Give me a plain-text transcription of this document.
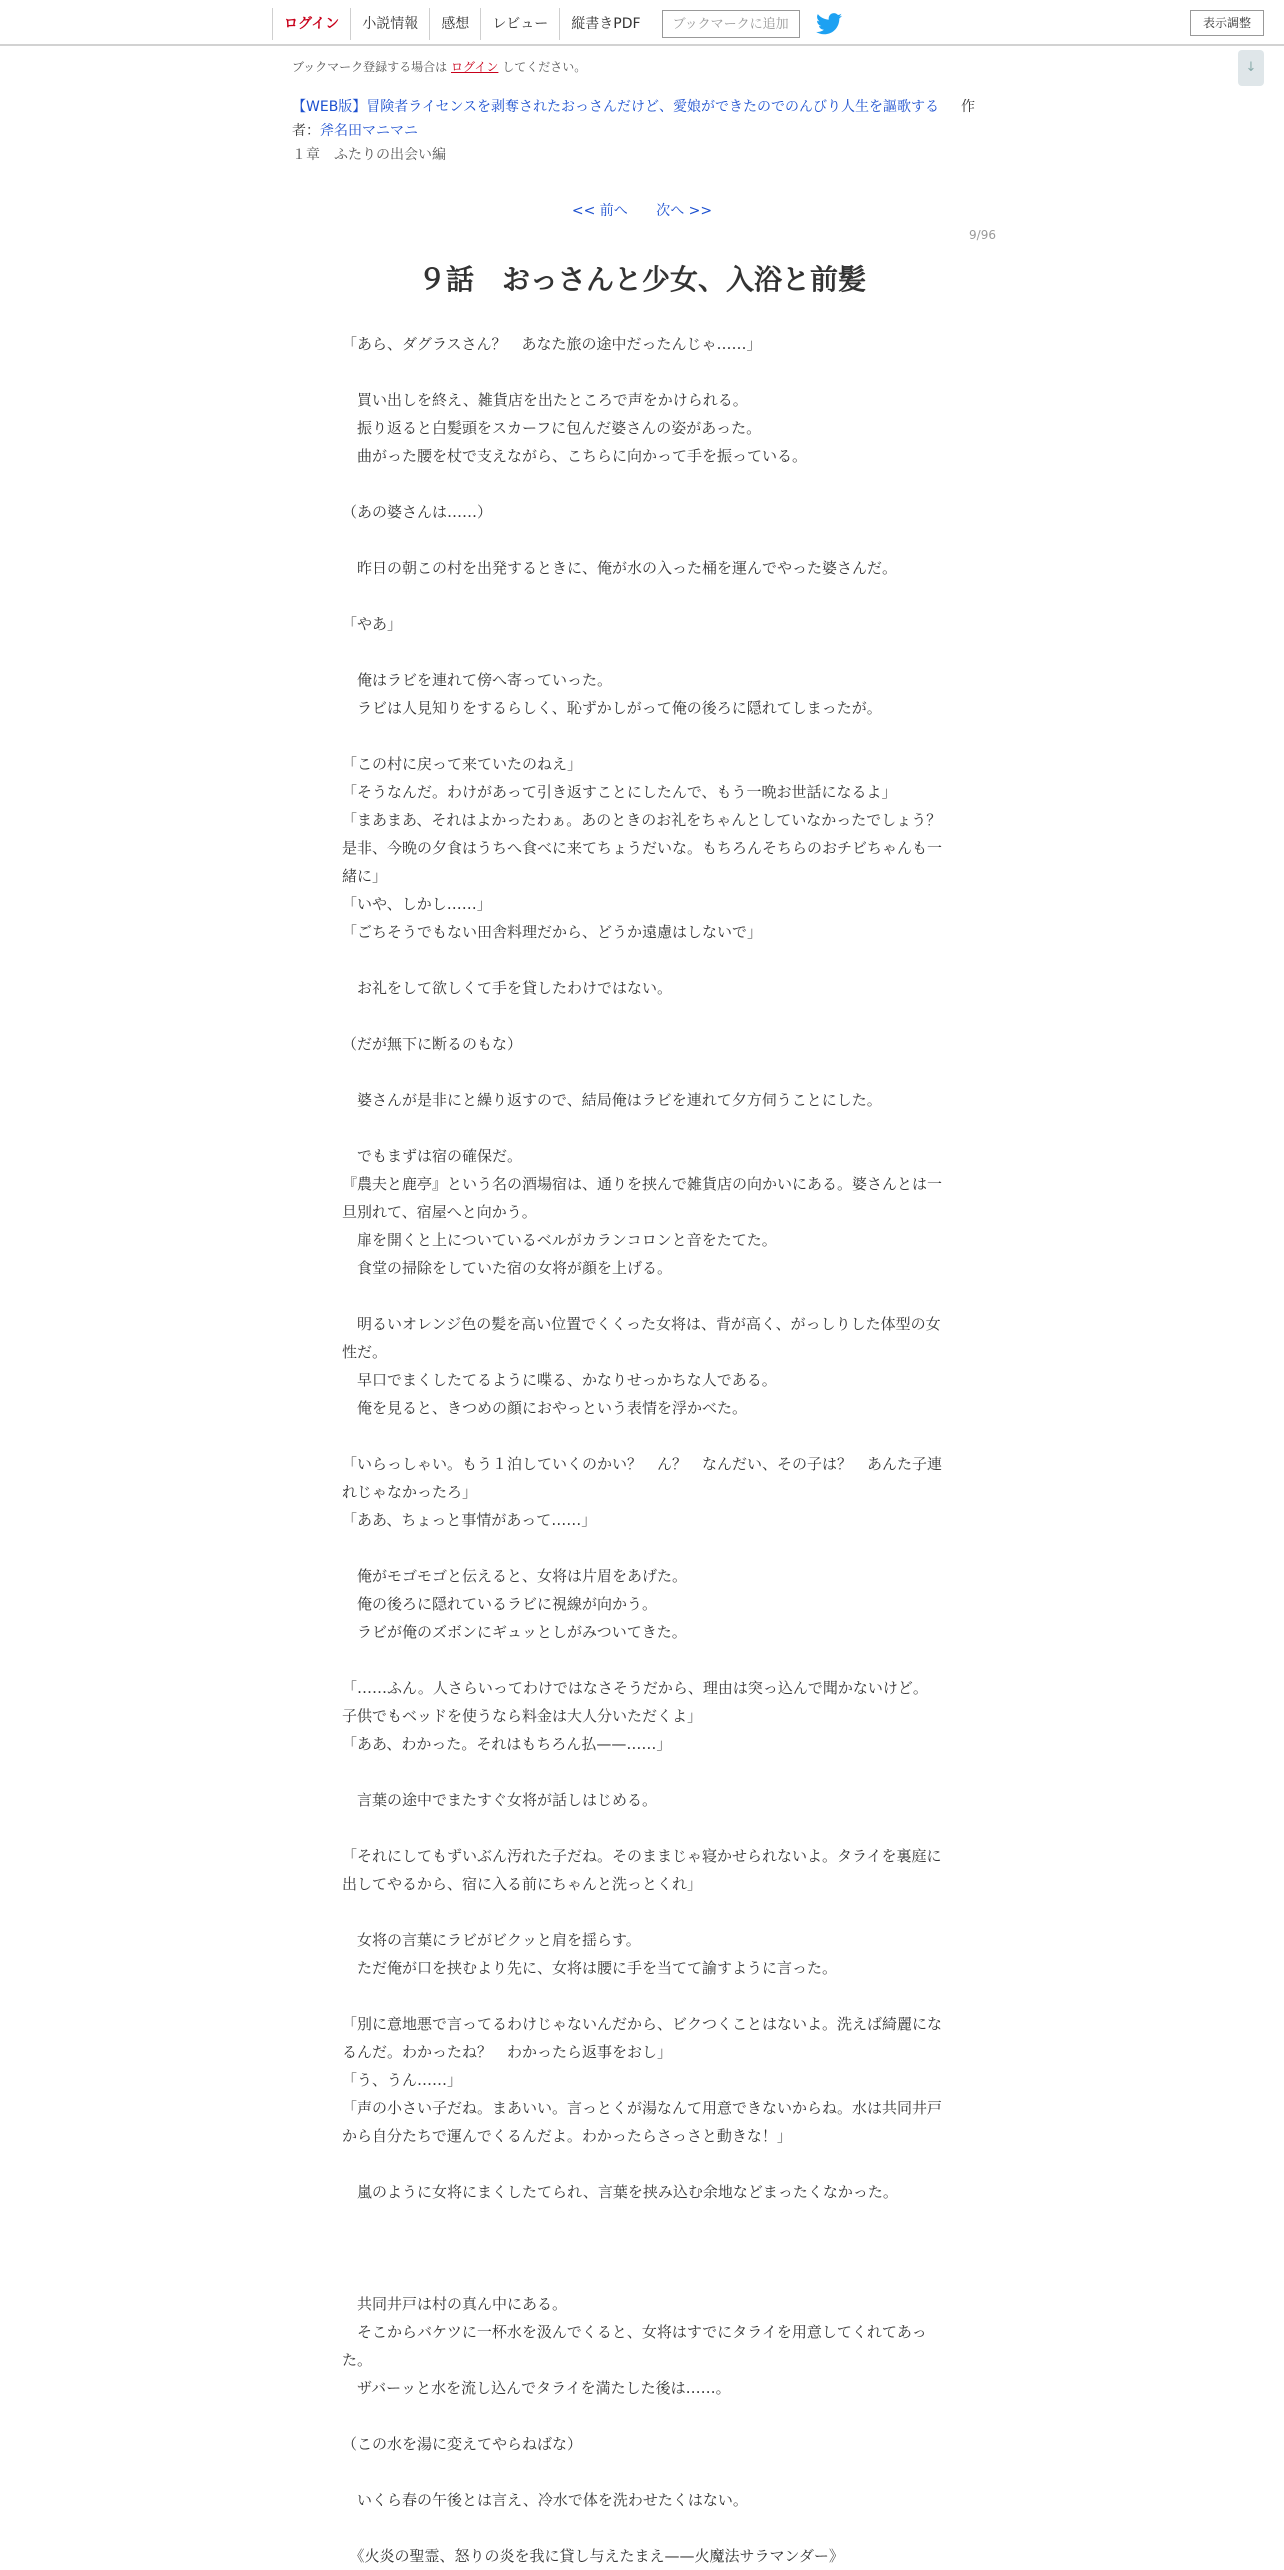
ログイン	小説情報	感想	レビュー	縦書きPDF	ブックマークに追加	表示調整
↓
ブックマーク登録する場合は ログイン してください。
【WEB版】冒険者ライセンスを剥奪されたおっさんだけど、愛娘ができたのでのんびり人生を謳歌する 作
者：斧名田マニマニ
１章　ふたりの出会い編
<< 前へ 次へ >>
9/96
９話　おっさんと少女、入浴と前髪
「あら、ダグラスさん？　あなた旅の途中だったんじゃ……」
　買い出しを終え、雑貨店を出たところで声をかけられる。
　振り返ると白髪頭をスカーフに包んだ婆さんの姿があった。
　曲がった腰を杖で支えながら、こちらに向かって手を振っている。
（あの婆さんは……）
　昨日の朝この村を出発するときに、俺が水の入った桶を運んでやった婆さんだ。
「やあ」
　俺はラビを連れて傍へ寄っていった。
　ラビは人見知りをするらしく、恥ずかしがって俺の後ろに隠れてしまったが。
「この村に戻って来ていたのねえ」
「そうなんだ。わけがあって引き返すことにしたんで、もう一晩お世話になるよ」
「まあまあ、それはよかったわぁ。あのときのお礼をちゃんとしていなかったでしょう？　是非、今晩の夕食はうちへ食べに来てちょうだいな。もちろんそちらのおチビちゃんも一緒に」
「いや、しかし……」
「ごちそうでもない田舎料理だから、どうか遠慮はしないで」
　お礼をして欲しくて手を貸したわけではない。
（だが無下に断るのもな）
　婆さんが是非にと繰り返すので、結局俺はラビを連れて夕方伺うことにした。
　でもまずは宿の確保だ。
『農夫と鹿亭』という名の酒場宿は、通りを挟んで雑貨店の向かいにある。婆さんとは一旦別れて、宿屋へと向かう。
　扉を開くと上についているベルがカランコロンと音をたてた。
　食堂の掃除をしていた宿の女将が顔を上げる。
　明るいオレンジ色の髪を高い位置でくくった女将は、背が高く、がっしりした体型の女性だ。
　早口でまくしたてるように喋る、かなりせっかちな人である。
　俺を見ると、きつめの顔におやっという表情を浮かべた。
「いらっしゃい。もう１泊していくのかい？　ん？　なんだい、その子は？　あんた子連れじゃなかったろ」
「ああ、ちょっと事情があって……」
　俺がモゴモゴと伝えると、女将は片眉をあげた。
　俺の後ろに隠れているラビに視線が向かう。
　ラビが俺のズボンにギュッとしがみついてきた。
「……ふん。人さらいってわけではなさそうだから、理由は突っ込んで聞かないけど。子供でもベッドを使うなら料金は大人分いただくよ」
「ああ、わかった。それはもちろん払——……」
　言葉の途中でまたすぐ女将が話しはじめる。
「それにしてもずいぶん汚れた子だね。そのままじゃ寝かせられないよ。タライを裏庭に出してやるから、宿に入る前にちゃんと洗っとくれ」
　女将の言葉にラビがビクッと肩を揺らす。
　ただ俺が口を挟むより先に、女将は腰に手を当てて諭すように言った。
「別に意地悪で言ってるわけじゃないんだから、ビクつくことはないよ。洗えば綺麗になるんだ。わかったね？　わかったら返事をおし」
「う、うん……」
「声の小さい子だね。まあいい。言っとくが湯なんて用意できないからね。水は共同井戸から自分たちで運んでくるんだよ。わかったらさっさと動きな！」
　嵐のように女将にまくしたてられ、言葉を挟み込む余地などまったくなかった。
　共同井戸は村の真ん中にある。
　そこからバケツに一杯水を汲んでくると、女将はすでにタライを用意してくれてあった。
　ザバーッと水を流し込んでタライを満たした後は……。
（この水を湯に変えてやらねばな）
　いくら春の午後とは言え、冷水で体を洗わせたくはない。
　《火炎の聖霊、怒りの炎を我に貸し与えたまえ——火魔法サラマンダー》
